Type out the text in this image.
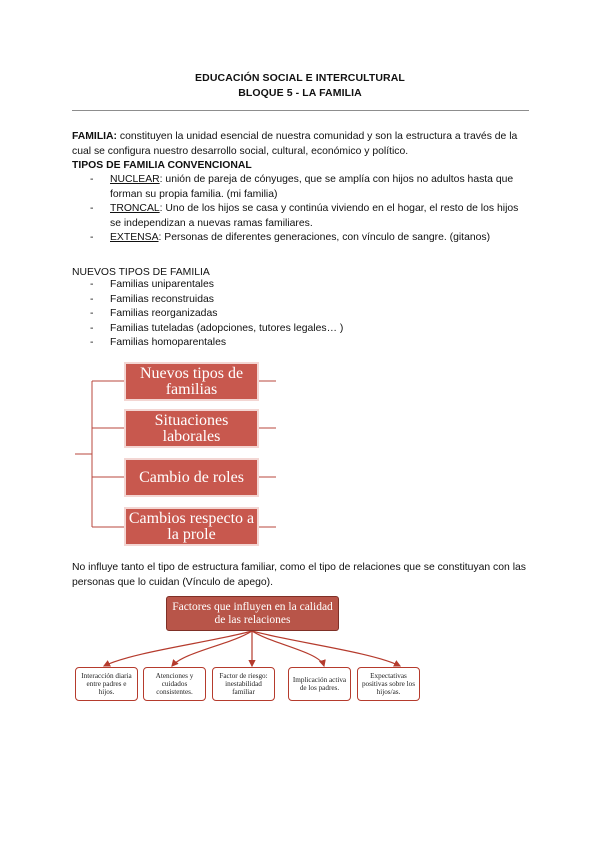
EDUCACIÓN SOCIAL E INTERCULTURAL
BLOQUE 5 - LA FAMILIA
FAMILIA: constituyen la unidad esencial de nuestra comunidad y son la estructura a través de la cual se configura nuestro desarrollo social, cultural, económico y político.
TIPOS DE FAMILIA CONVENCIONAL
- NUCLEAR: unión de pareja de cónyuges, que se amplía con hijos no adultos hasta que forman su propia familia. (mi familia)
- TRONCAL: Uno de los hijos se casa y continúa viviendo en el hogar, el resto de los hijos se independizan a nuevas ramas familiares.
- EXTENSA: Personas de diferentes generaciones, con vínculo de sangre. (gitanos)
NUEVOS TIPOS DE FAMILIA
- Familias uniparentales
- Familias reconstruidas
- Familias reorganizadas
- Familias tuteladas (adopciones, tutores legales… )
- Familias homoparentales
Nuevos tipos de familias
Situaciones laborales
Cambio de roles
Cambios respecto a la prole
No influye tanto el tipo de estructura familiar, como el tipo de relaciones que se constituyan con las personas que lo cuidan (Vínculo de apego).
Factores que influyen en la calidad de las relaciones
Interacción diaria entre padres e hijos.
Atenciones y cuidados consistentes.
Factor de riesgo: inestabilidad familiar
Implicación activa de los padres.
Expectativas positivas sobre los hijos/as.
